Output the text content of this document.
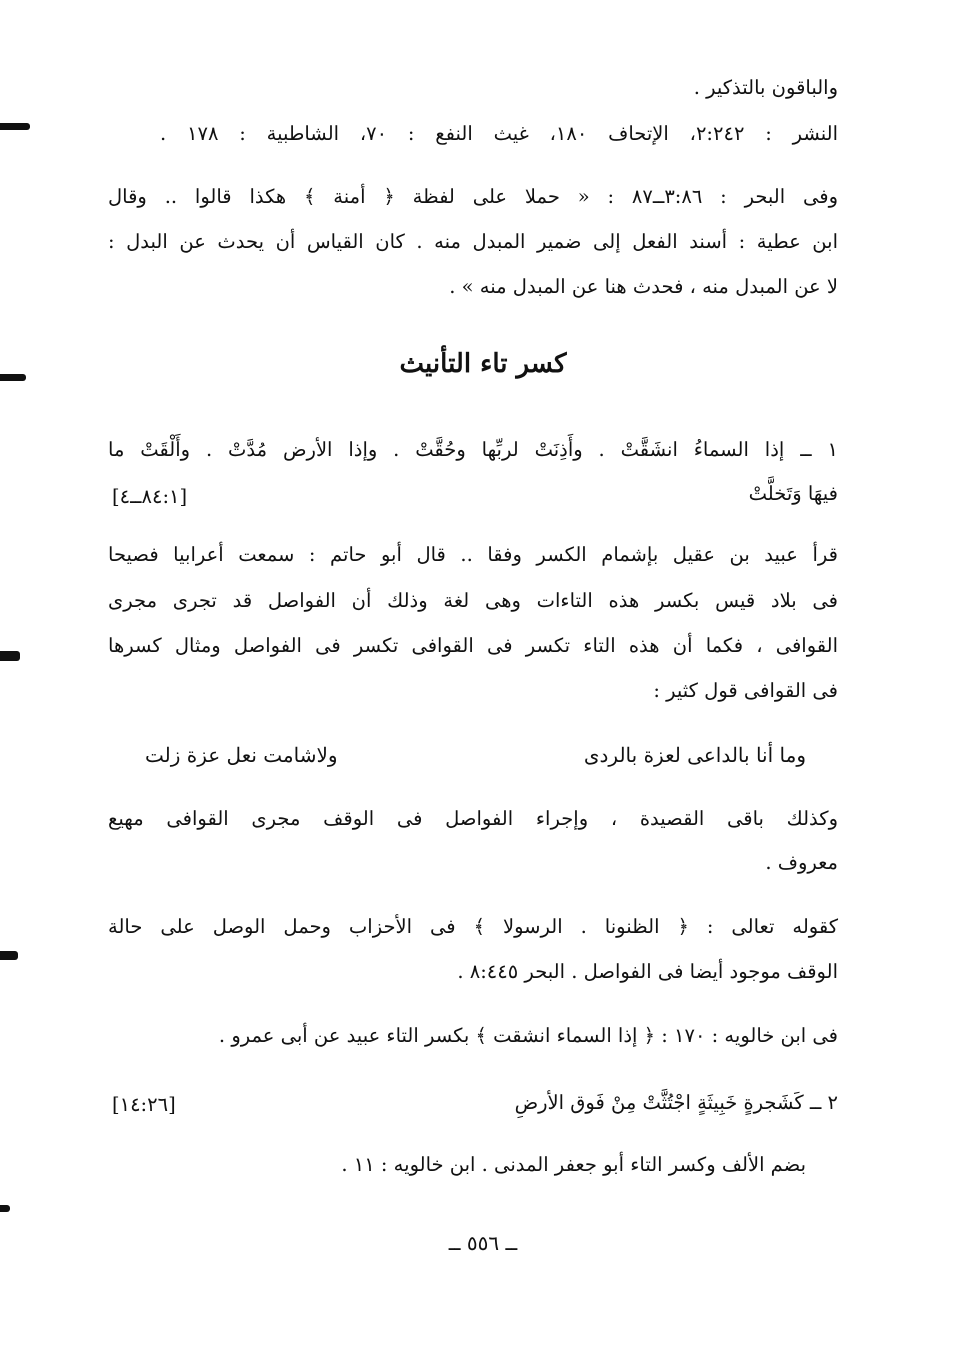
والباقون بالتذكير .
النشر : ٢:٢٤٢، الإتحاف ١٨٠، غيث النفع : ٧٠، الشاطبية : ١٧٨ .
وفى البحر : ٣:٨٦ــ٨٧ : « حملا على لفظة ﴿ أمنة ﴾ هكذا قالوا .. وقال
ابن عطية : أسند الفعل إلى ضمير المبدل منه . كان القياس أن يحدث عن البدل :
لا عن المبدل منه ، فحدث هنا عن المبدل منه » .
كسر تاء التأنيث
١ ــ إذا السماءُ انشَقَّتْ . وأَذِنَتْ لربِّها وحُقَّتْ . وإذا الأرض مُدَّتْ . وأَلْقَتْ ما
فيهَا وَتَخلَّتْ
[٨٤:١ــ٤]
قرأ عبيد بن عقيل بإشمام الكسر وفقا .. قال أبو حاتم : سمعت أعرابيا فصيحا
فى بلاد قيس بكسر هذه التاءات وهى لغة وذلك أن الفواصل قد تجرى مجرى
القوافى ، فكما أن هذه التاء تكسر فى القوافى تكسر فى الفواصل ومثال كسرها
فى القوافى قول كثير :
وما أنا بالداعى لعزة بالردى
ولاشامت نعل عزة زلت
وكذلك باقى القصيدة ، وإجراء الفواصل فى الوقف مجرى القوافى مهيع
معروف .
كقوله تعالى : ﴿ الظنونا . الرسولا ﴾ فى الأحزاب وحمل الوصل على حالة
الوقف موجود أيضا فى الفواصل . البحر ٨:٤٤٥ .
فى ابن خالويه : ١٧٠ : ﴿ إذا السماء انشقت ﴾ بكسر التاء عبيد عن أبى عمرو .
٢ ــ كَشَجرةٍ خَبِيثَةٍ اجْتُثَّتْ مِنْ فَوق الأرضِ
[١٤:٢٦]
بضم الألف وكسر التاء أبو جعفر المدنى . ابن خالويه : ١١ .
ــ ٥٥٦ ــ
